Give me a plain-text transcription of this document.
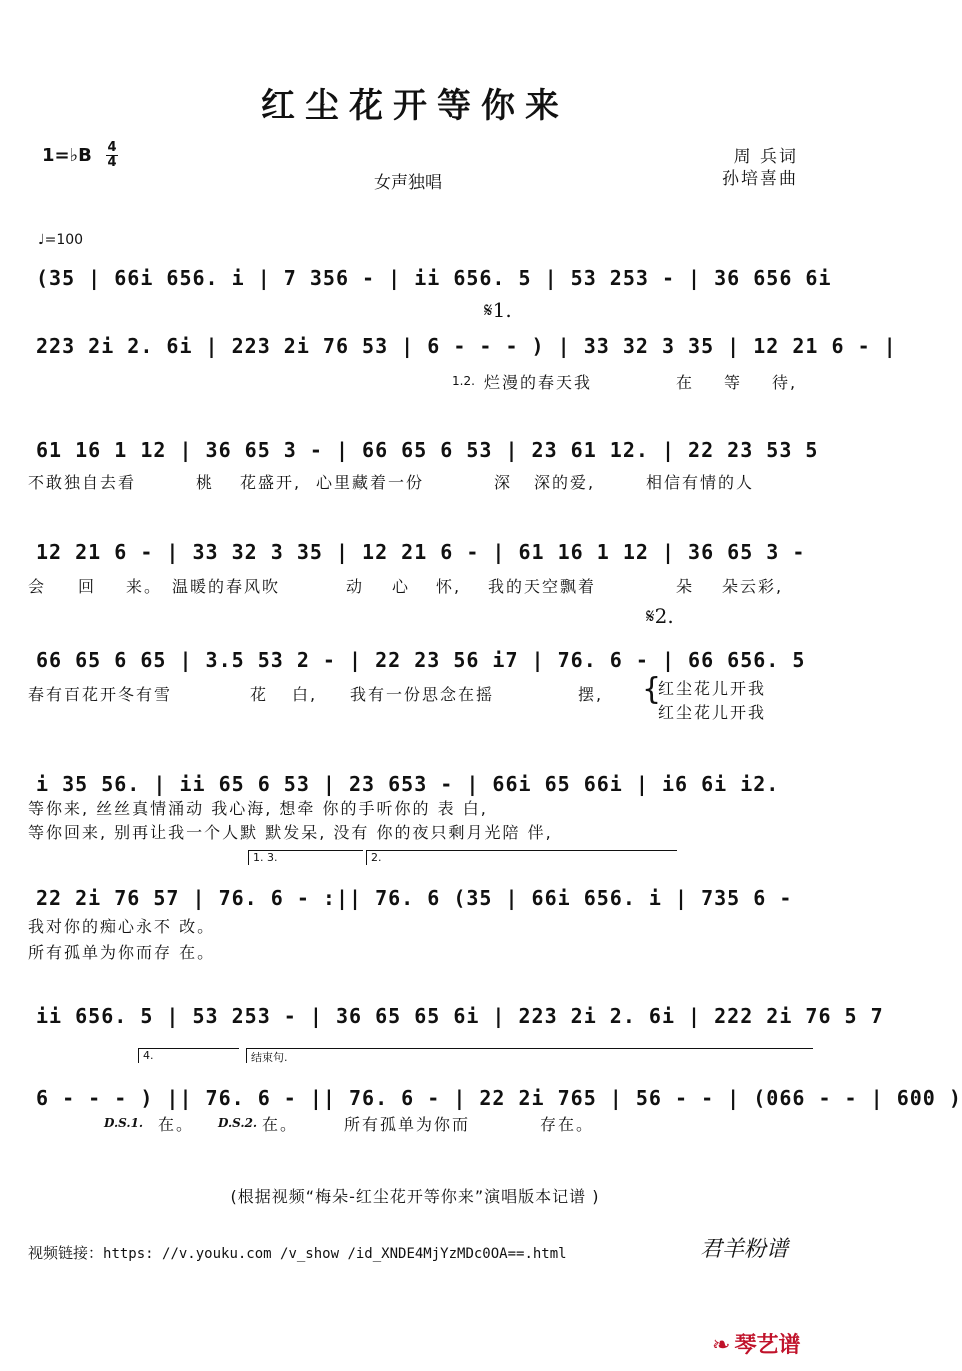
红尘花开等你来
1=♭B 4
4
女声独唱
周 兵词
孙培喜曲
♩=100
(35 | 66i 656. i | 7 356 - | ii 656. 5 | 53 253 - | 36 656 6i
223 2i 2. 6i | 223 2i 76 53 | 6 - - - ) | 33 32 3 35 | 12 21 6 - |
𝄋1.
1.2. 烂漫的春天我	在 等 待,
61 16 1 12 | 36 65 3 - | 66 65 6 53 | 23 61 12. | 22 23 53 5
不敢独自去看	桃 花盛开, 心里藏着一份	深 深的爱,	相信有情的人
12 21 6 - | 33 32 3 35 | 12 21 6 - | 61 16 1 12 | 36 65 3 -
会 回 来。 温暖的春风吹	动 心 怀, 我的天空飘着	朵 朵云彩,
66 65 6 65 | 3.5 53 2 - | 22 23 56 i7 | 76. 6 - | 66 656. 5
𝄋2.
春有百花开冬有雪	花 白, 我有一份思念在摇	摆, {
红尘花儿开我
红尘花儿开我
i 35 56. | ii 65 6 53 | 23 653 - | 66i 65 66i | i6 6i i2.
等你来, 丝丝真情涌动 我心海, 想牵 你的手听你的 表 白,
等你回来, 别再让我一个人默 默发呆, 没有 你的夜只剩月光陪 伴,
1. 3.	2.
22 2i 76 57 | 76. 6 - :|| 76. 6 (35 | 66i 656. i | 735 6 -
我对你的痴心永不 改。
所有孤单为你而存 在。
ii 656. 5 | 53 253 - | 36 65 65 6i | 223 2i 2. 6i | 222 2i 76 5 7
4.	结束句.
6 - - - ) || 76. 6 - || 76. 6 - | 22 2i 765 | 56 - - | (066 - - | 600 )
D.S.1. 在。 D.S.2. 在。	所有孤单为你而	存在。
(根据视频“梅朵-红尘花开等你来”演唱版本记谱 )
视频链接：https: //v.youku.com /v_show /id_XNDE4MjYzMDc0OA==.html	君羊粉谱
❧ 琴艺谱
